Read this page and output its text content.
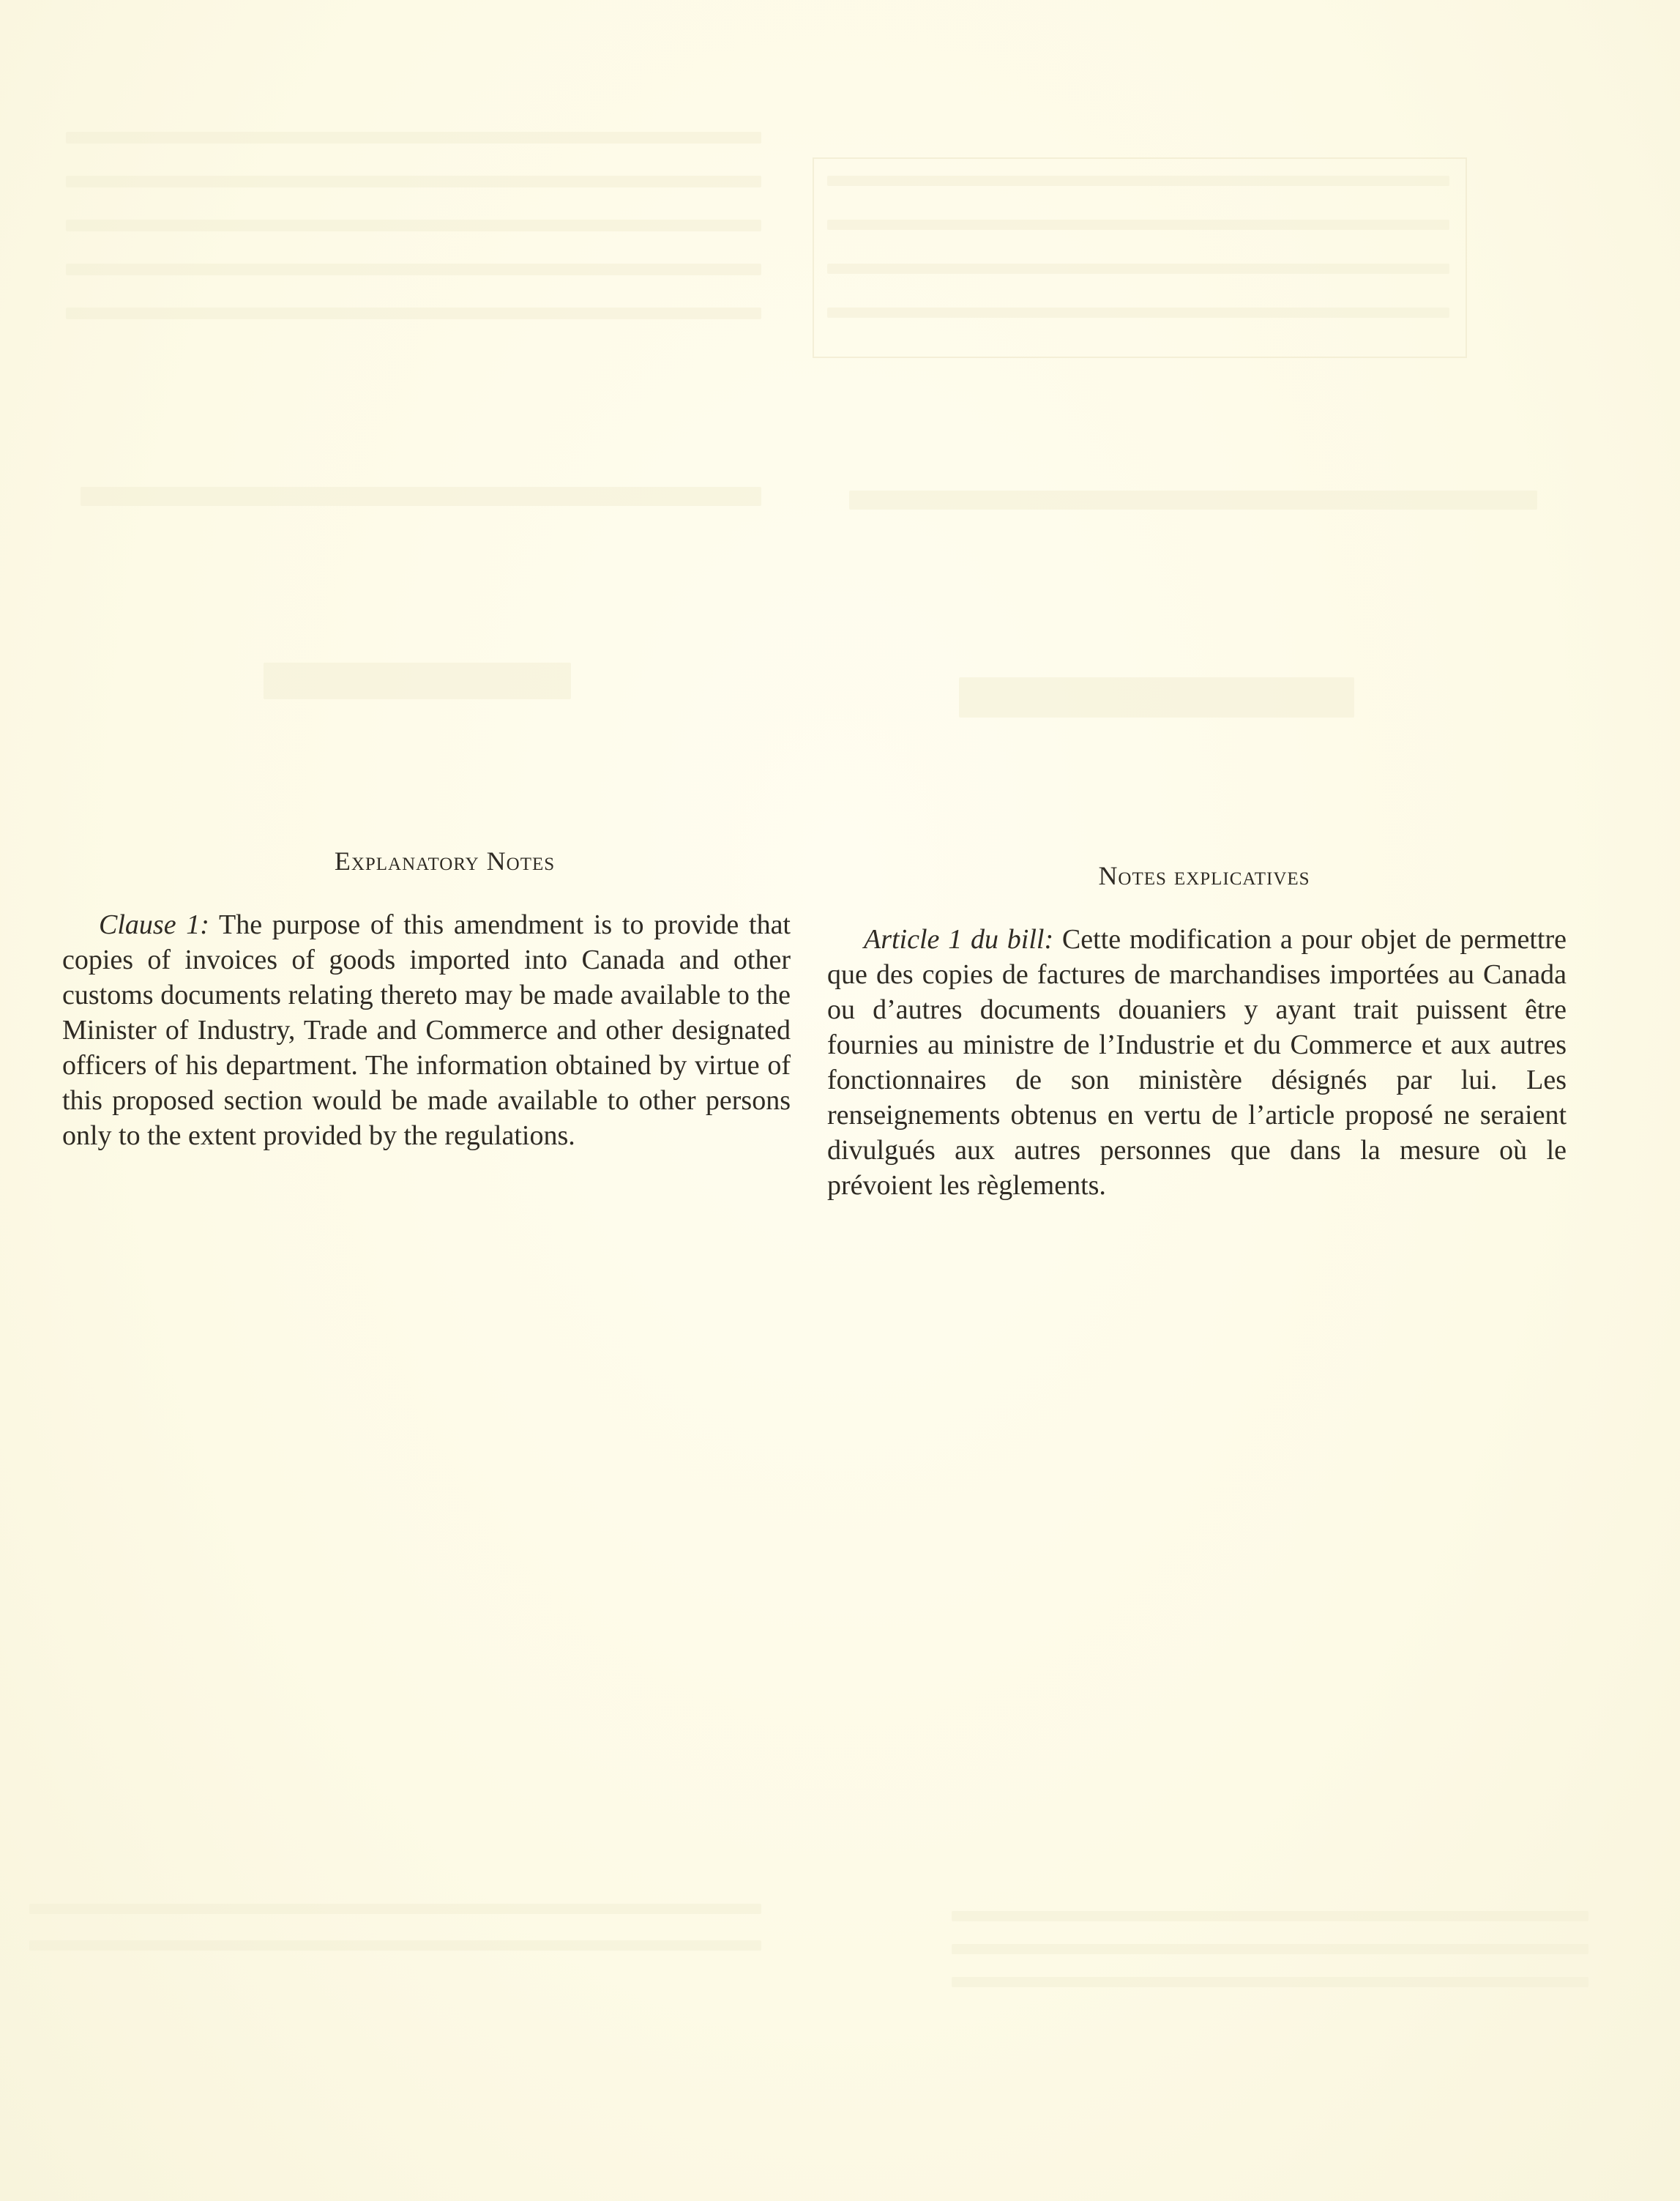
Explanatory Notes

Clause 1: The purpose of this amendment is to provide that copies of invoices of goods imported into Canada and other customs documents relating thereto may be made available to the Minister of Industry, Trade and Commerce and other designated officers of his department. The information obtained by virtue of this proposed section would be made available to other persons only to the extent provided by the regulations.

Notes explicatives

Article 1 du bill: Cette modification a pour objet de permettre que des copies de factures de marchandises importées au Canada ou d’autres documents douaniers y ayant trait puissent être fournies au ministre de l’Industrie et du Commerce et aux autres fonctionnaires de son ministère désignés par lui. Les renseignements obtenus en vertu de l’article proposé ne seraient divulgués aux autres personnes que dans la mesure où le prévoient les règlements.
